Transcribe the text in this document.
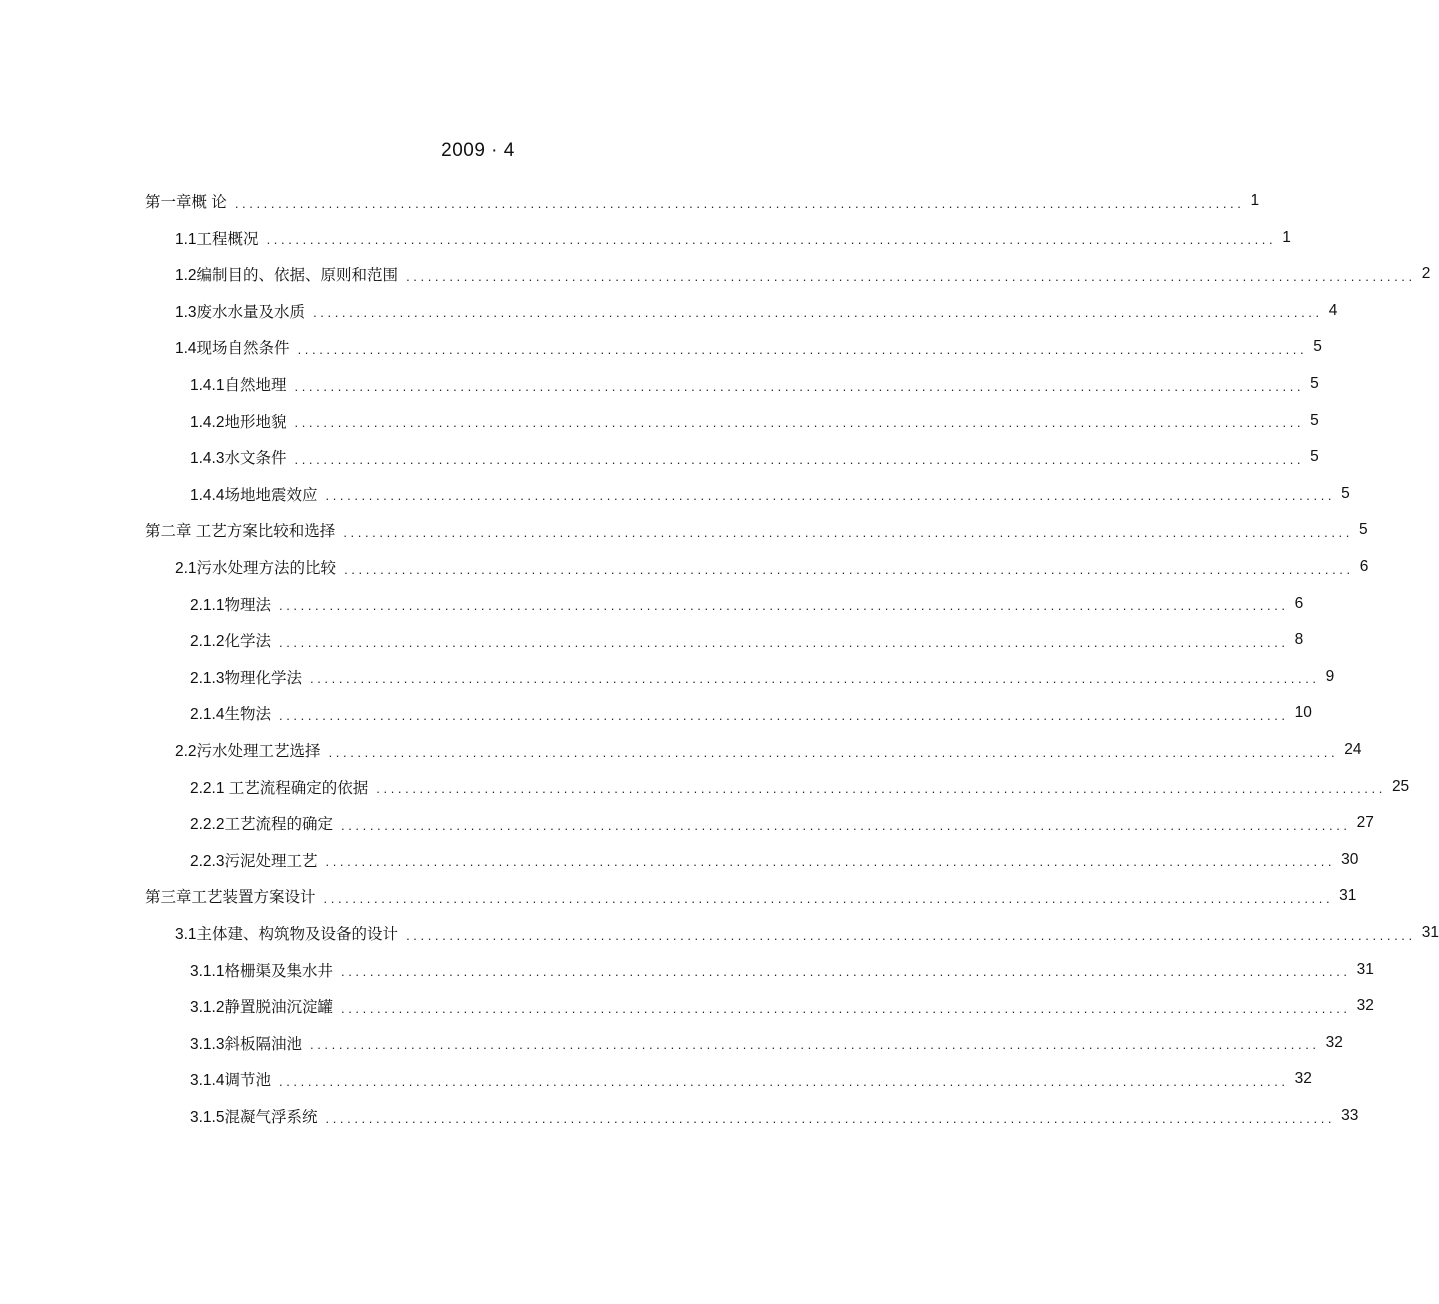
2009 · 4
第一章概 论 ............................................................................................................................................ 1
1.1工程概况 ............................................................................................................................................ 1
1.2编制目的、依据、原则和范围 ............................................................................................................................................ 2
1.3废水水量及水质 ............................................................................................................................................ 4
1.4现场自然条件 ............................................................................................................................................ 5
1.4.1自然地理 ............................................................................................................................................ 5
1.4.2地形地貌 ............................................................................................................................................ 5
1.4.3水文条件 ............................................................................................................................................ 5
1.4.4场地地震效应 ............................................................................................................................................ 5
第二章 工艺方案比较和选择 ............................................................................................................................................ 5
2.1污水处理方法的比较 ............................................................................................................................................ 6
2.1.1物理法 ............................................................................................................................................ 6
2.1.2化学法 ............................................................................................................................................ 8
2.1.3物理化学法 ............................................................................................................................................ 9
2.1.4生物法 ............................................................................................................................................ 10
2.2污水处理工艺选择 ............................................................................................................................................ 24
2.2.1 工艺流程确定的依据 ............................................................................................................................................ 25
2.2.2工艺流程的确定 ............................................................................................................................................ 27
2.2.3污泥处理工艺 ............................................................................................................................................ 30
第三章工艺装置方案设计 ............................................................................................................................................ 31
3.1主体建、构筑物及设备的设计 ............................................................................................................................................ 31
3.1.1格栅渠及集水井 ............................................................................................................................................ 31
3.1.2静置脱油沉淀罐 ............................................................................................................................................ 32
3.1.3斜板隔油池 ............................................................................................................................................ 32
3.1.4调节池 ............................................................................................................................................ 32
3.1.5混凝气浮系统 ............................................................................................................................................ 33
